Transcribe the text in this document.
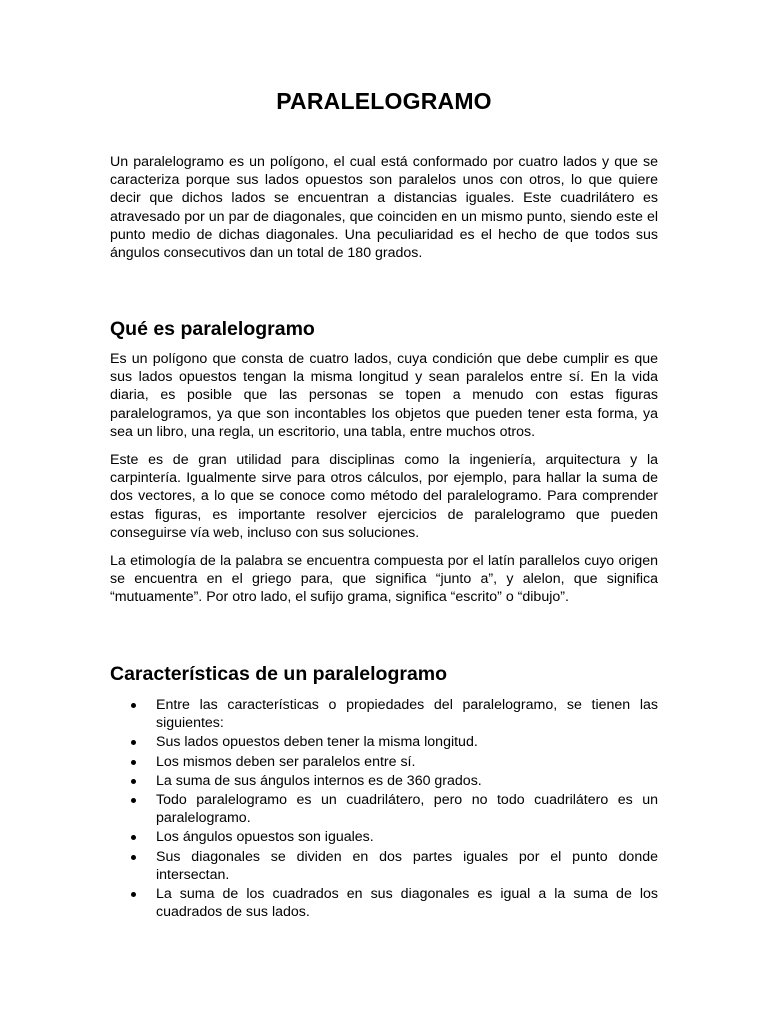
PARALELOGRAMO

Un paralelogramo es un polígono, el cual está conformado por cuatro lados y que se caracteriza porque sus lados opuestos son paralelos unos con otros, lo que quiere decir que dichos lados se encuentran a distancias iguales. Este cuadrilátero es atravesado por un par de diagonales, que coinciden en un mismo punto, siendo este el punto medio de dichas diagonales. Una peculiaridad es el hecho de que todos sus ángulos consecutivos dan un total de 180 grados.

Qué es paralelogramo

Es un polígono que consta de cuatro lados, cuya condición que debe cumplir es que sus lados opuestos tengan la misma longitud y sean paralelos entre sí. En la vida diaria, es posible que las personas se topen a menudo con estas figuras paralelogramos, ya que son incontables los objetos que pueden tener esta forma, ya sea un libro, una regla, un escritorio, una tabla, entre muchos otros.

Este es de gran utilidad para disciplinas como la ingeniería, arquitectura y la carpintería. Igualmente sirve para otros cálculos, por ejemplo, para hallar la suma de dos vectores, a lo que se conoce como método del paralelogramo. Para comprender estas figuras, es importante resolver ejercicios de paralelogramo que pueden conseguirse vía web, incluso con sus soluciones.

La etimología de la palabra se encuentra compuesta por el latín parallelos cuyo origen se encuentra en el griego para, que significa “junto a”, y alelon, que significa “mutuamente”. Por otro lado, el sufijo grama, significa “escrito” o “dibujo”.

Características de un paralelogramo
Entre las características o propiedades del paralelogramo, se tienen las siguientes:
Sus lados opuestos deben tener la misma longitud.
Los mismos deben ser paralelos entre sí.
La suma de sus ángulos internos es de 360 grados.
Todo paralelogramo es un cuadrilátero, pero no todo cuadrilátero es un paralelogramo.
Los ángulos opuestos son iguales.
Sus diagonales se dividen en dos partes iguales por el punto donde intersectan.
La suma de los cuadrados en sus diagonales es igual a la suma de los cuadrados de sus lados.
